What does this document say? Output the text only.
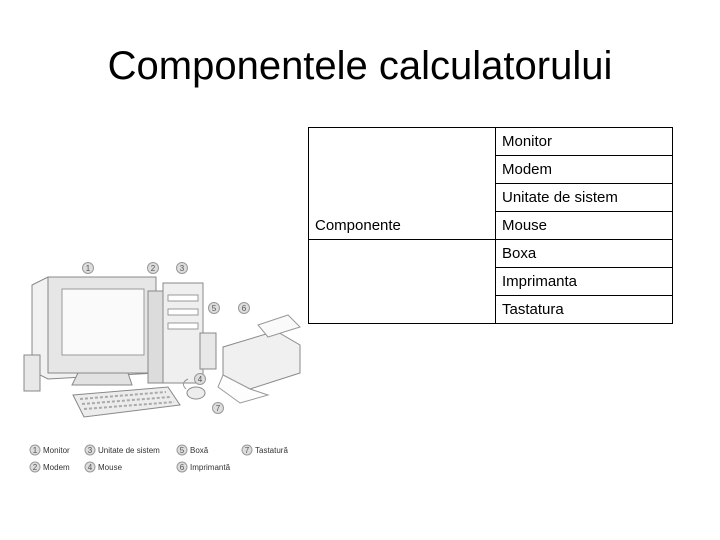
Componentele calculatorului
	Monitor
	Modem
	Unitate de sistem
Componente	Mouse
	Boxa
	Imprimanta
	Tastatura
1	2	3
4
5	6
7
1 Monitor
2 Modem
3 Unitate de sistem
4 Mouse
5 Boxă
6 Imprimantă
7 Tastatură
